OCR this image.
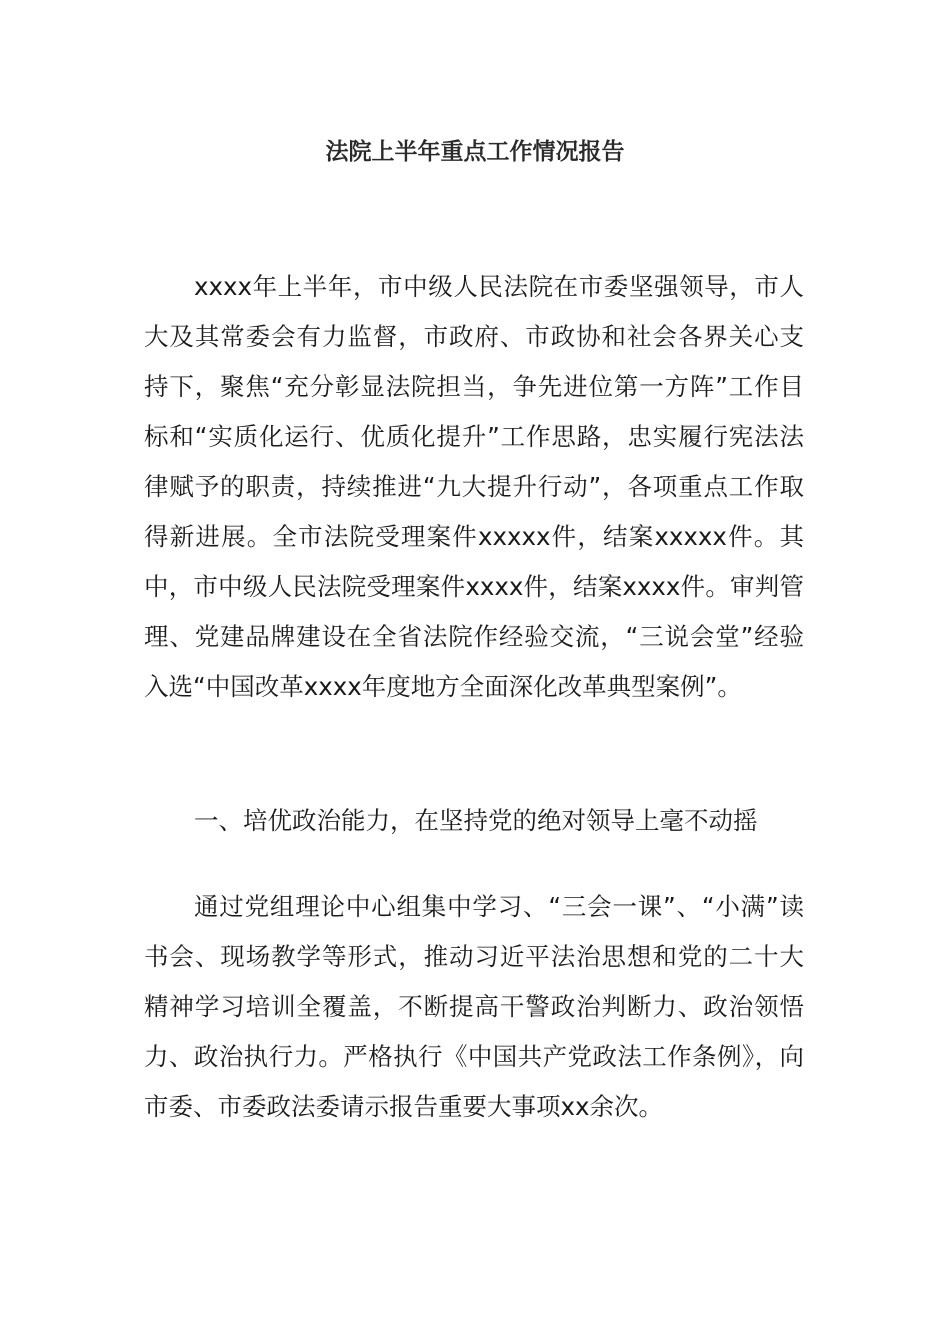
法院上半年重点工作情况报告

xxxx年上半年，市中级人民法院在市委坚强领导，市人大及其常委会有力监督，市政府、市政协和社会各界关心支持下，聚焦“充分彰显法院担当，争先进位第一方阵”工作目标和“实质化运行、优质化提升”工作思路，忠实履行宪法法律赋予的职责，持续推进“九大提升行动”，各项重点工作取得新进展。全市法院受理案件xxxxx件，结案xxxxx件。其中，市中级人民法院受理案件xxxx件，结案xxxx件。审判管理、党建品牌建设在全省法院作经验交流，“三说会堂”经验入选“中国改革xxxx年度地方全面深化改革典型案例”。

一、培优政治能力，在坚持党的绝对领导上毫不动摇

通过党组理论中心组集中学习、“三会一课”、“小满”读书会、现场教学等形式，推动习近平法治思想和党的二十大精神学习培训全覆盖，不断提高干警政治判断力、政治领悟力、政治执行力。严格执行《中国共产党政法工作条例》，向市委、市委政法委请示报告重要大事项xx余次。
